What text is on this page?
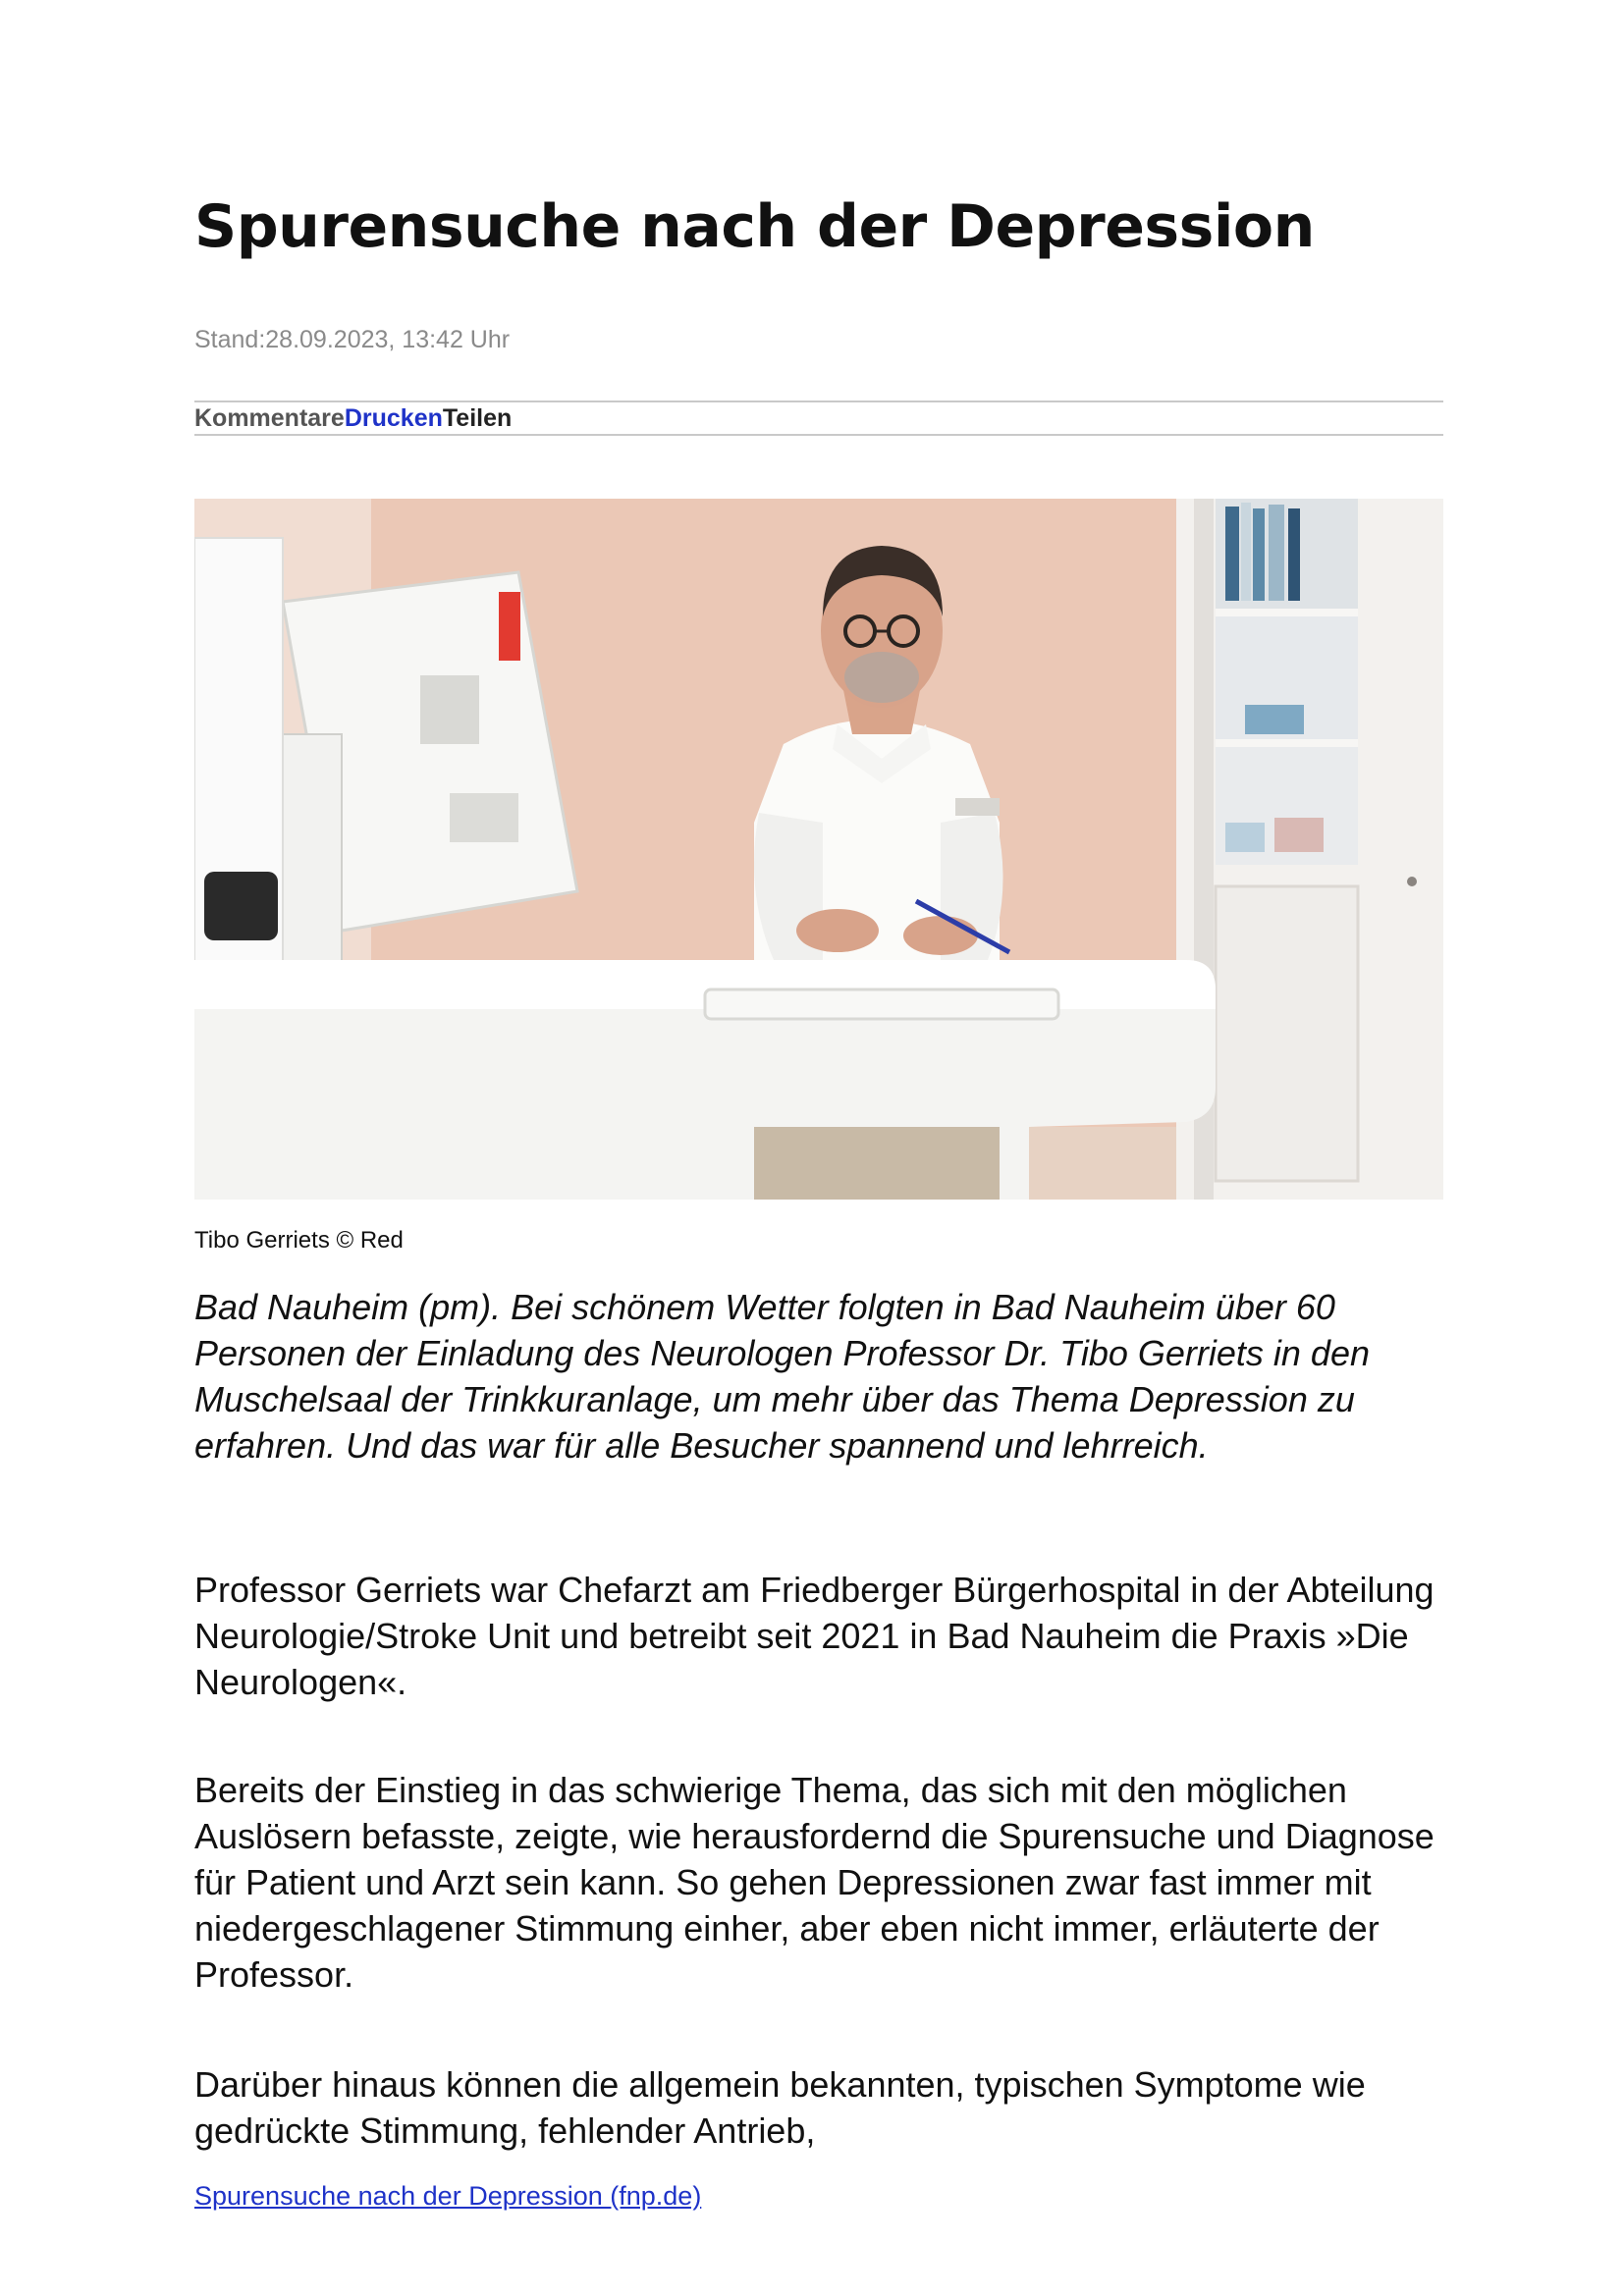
Spurensuche nach der Depression
Stand:28.09.2023, 13:42 Uhr
KommentareDruckenTeilen
Tibo Gerriets © Red

Bad Nauheim (pm). Bei schönem Wetter folgten in Bad Nauheim über 60 Personen der Einladung des Neurologen Professor Dr. Tibo Gerriets in den Muschelsaal der Trinkkuranlage, um mehr über das Thema Depression zu erfahren. Und das war für alle Besucher spannend und lehrreich.

Professor Gerriets war Chefarzt am Friedberger Bürgerhospital in der Abteilung Neurologie/Stroke Unit und betreibt seit 2021 in Bad Nauheim die Praxis »Die Neurologen«.

Bereits der Einstieg in das schwierige Thema, das sich mit den möglichen Auslösern befasste, zeigte, wie herausfordernd die Spurensuche und Diagnose für Patient und Arzt sein kann. So gehen Depressionen zwar fast immer mit niedergeschlagener Stimmung einher, aber eben nicht immer, erläuterte der Professor.

Darüber hinaus können die allgemein bekannten, typischen Symptome wie gedrückte Stimmung, fehlender Antrieb,

Spurensuche nach der Depression (fnp.de)
